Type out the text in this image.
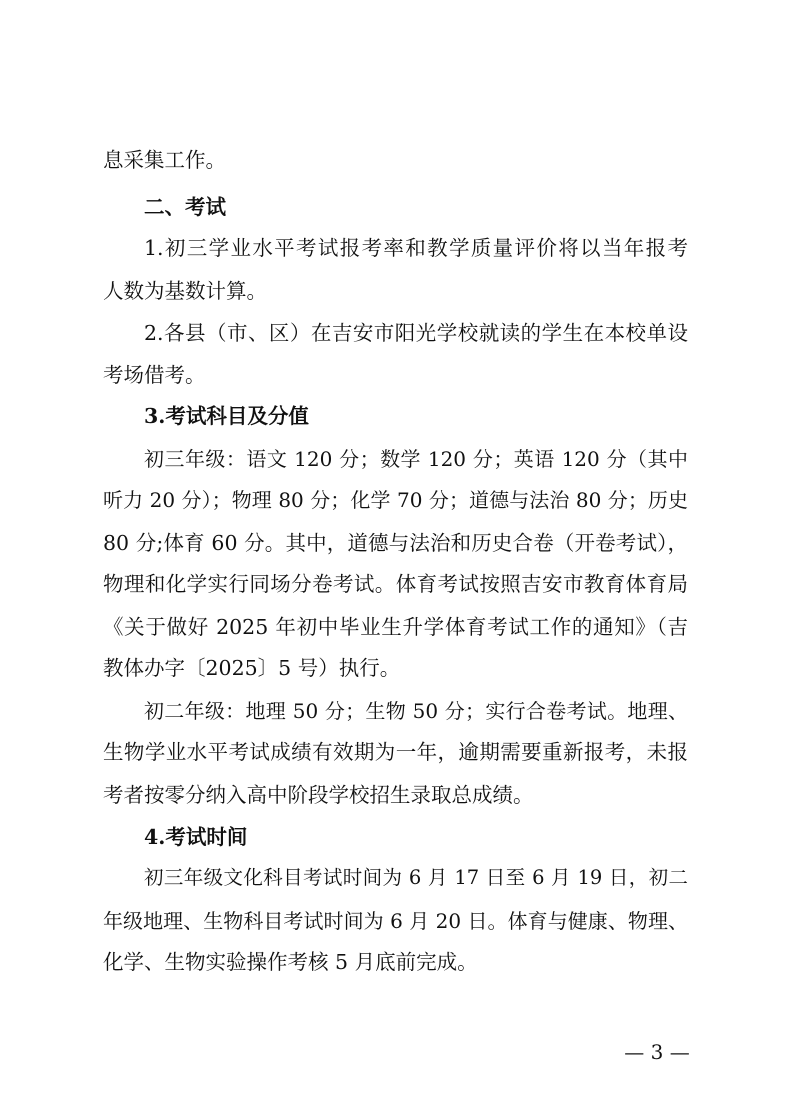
息采集工作。
二、考试
1.初三学业水平考试报考率和教学质量评价将以当年报考
人数为基数计算。
2.各县（市、区）在吉安市阳光学校就读的学生在本校单设
考场借考。
3.考试科目及分值
初三年级：语文 120 分；数学 120 分；英语 120 分（其中
听力 20 分）；物理 80 分；化学 70 分；道德与法治 80 分；历史
80 分;体育 60 分。其中，道德与法治和历史合卷（开卷考试），
物理和化学实行同场分卷考试。体育考试按照吉安市教育体育局
《关于做好 2025 年初中毕业生升学体育考试工作的通知》（吉
教体办字〔2025〕5 号）执行。
初二年级：地理 50 分；生物 50 分；实行合卷考试。地理、
生物学业水平考试成绩有效期为一年，逾期需要重新报考，未报
考者按零分纳入高中阶段学校招生录取总成绩。
4.考试时间
初三年级文化科目考试时间为 6 月 17 日至 6 月 19 日，初二
年级地理、生物科目考试时间为 6 月 20 日。体育与健康、物理、
化学、生物实验操作考核 5 月底前完成。
— 3 —
